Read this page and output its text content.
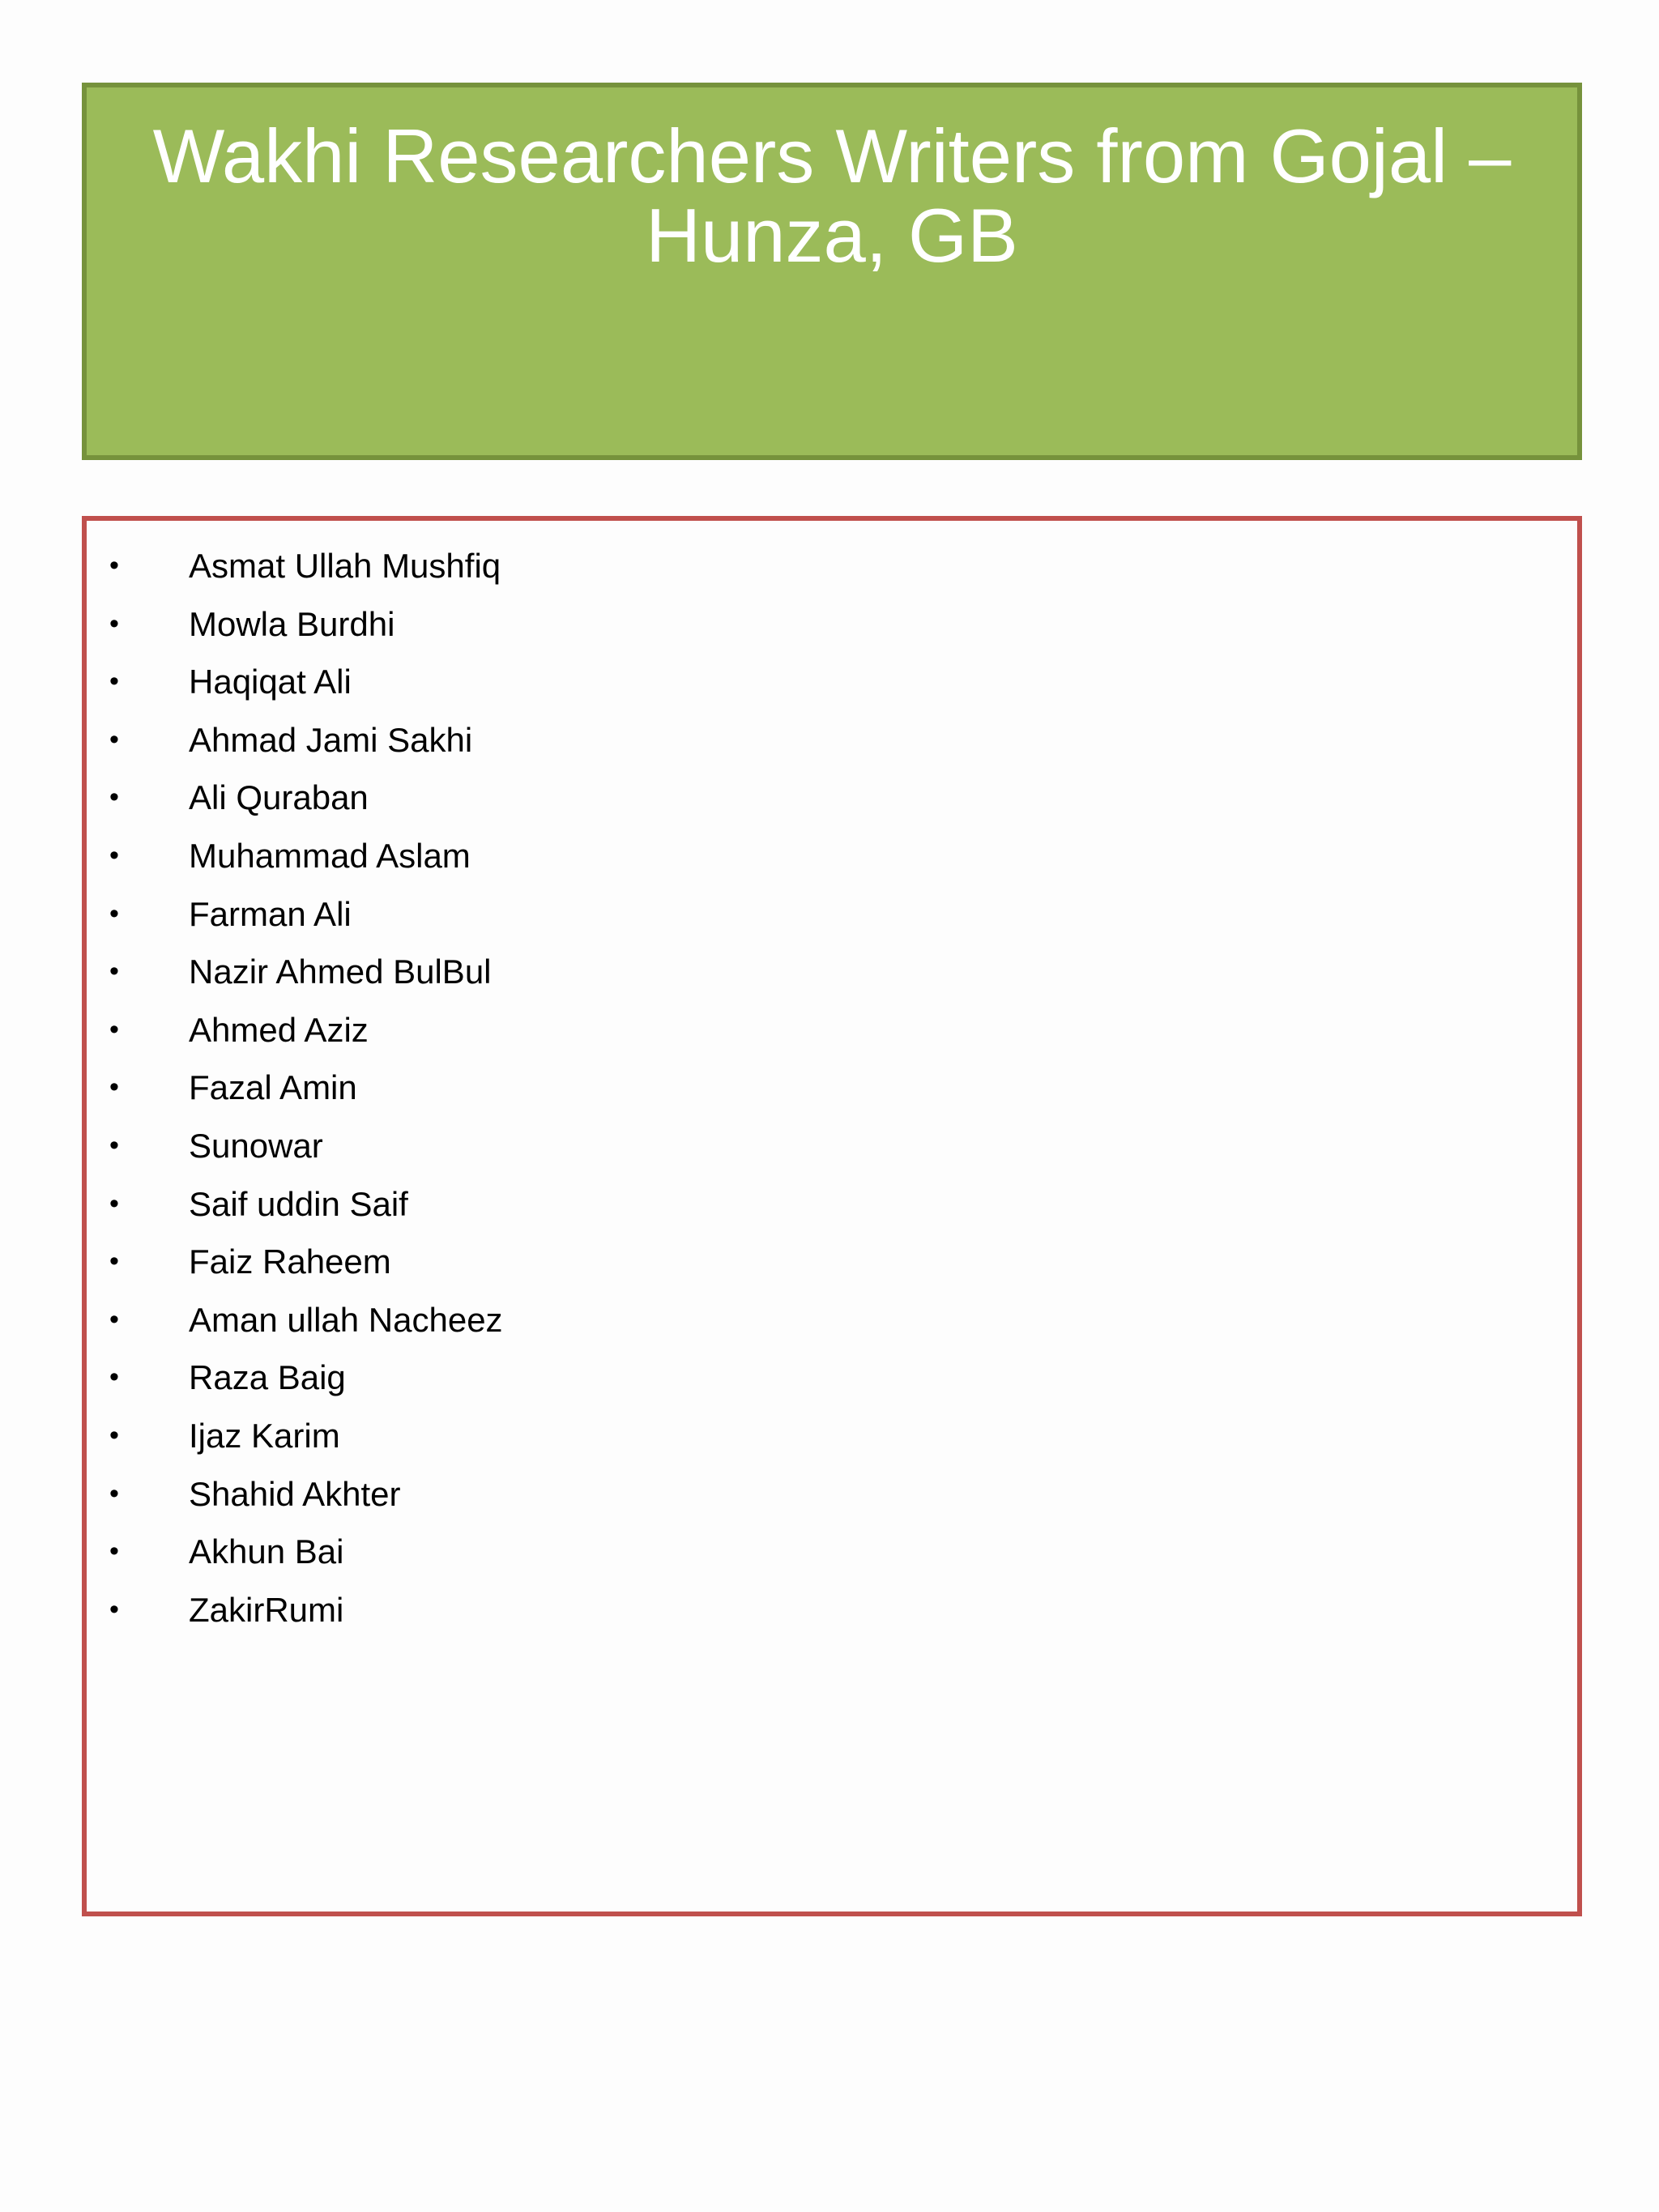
Wakhi Researchers Writers from Gojal – Hunza, GB
• Asmat Ullah Mushfiq
• Mowla Burdhi
• Haqiqat Ali
• Ahmad Jami Sakhi
• Ali Quraban
• Muhammad Aslam
• Farman Ali
• Nazir Ahmed BulBul
• Ahmed Aziz
• Fazal Amin
• Sunowar
• Saif uddin Saif
• Faiz Raheem
• Aman ullah Nacheez
• Raza Baig
• Ijaz Karim
• Shahid Akhter
• Akhun Bai
• ZakirRumi
